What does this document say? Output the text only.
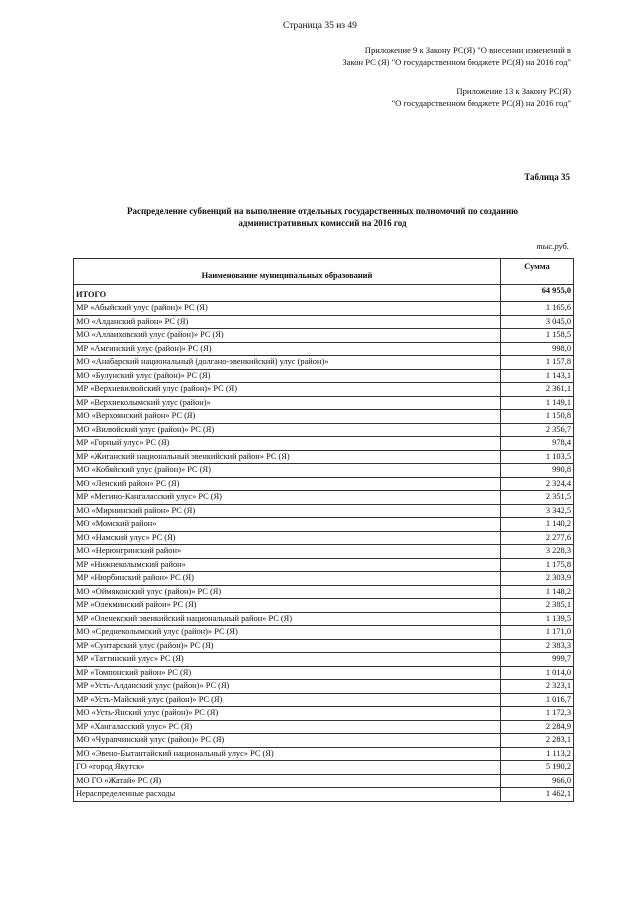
Страница 35 из 49
Приложение 9 к Закону РС(Я) "О внесении изменений в
Закон РС (Я) "О государственном бюджете РС(Я) на 2016 год"
Приложение 13 к Закону РС(Я)
"О государственном бюджете РС(Я) на 2016 год"
Таблица 35
Распределение субвенций на выполнение отдельных государственных полномочий по созданию
административных комиссий на 2016 год
тыс.руб.
Наименование муниципальных образований	Сумма
ИТОГО	64 955,0
МР «Абыйский улус (район)» РС (Я)	1 165,6
МО «Алданский район» РС (Я)	3 045,0
МО «Аллаиховский улус (район)» РС (Я)	1 158,5
МР «Амгинский улус (район)» РС (Я)	998,0
МО «Анабарский национальный (долгано-эвенкийский) улус (район)»	1 157,8
МО «Булунский улус (район)» РС (Я)	1 143,1
МР «Верхневилюйский улус (район)» РС (Я)	2 361,1
МР «Верхнеколымский улус (район)»	1 149,1
МО «Верхоянский район» РС (Я)	1 150,8
МО «Вилюйский улус (район)» РС (Я)	2 356,7
МР «Горный улус» РС (Я)	978,4
МР «Жиганский национальный эвенкийский район» РС (Я)	1 103,5
МО «Кобяйский улус (район)» РС (Я)	990,8
МО «Ленский район» РС (Я)	2 324,4
МР «Мегино-Кангаласский улус» РС (Я)	2 351,5
МО «Мирнинский район» РС (Я)	3 342,5
МО «Момский район»	1 140,2
МО «Намский улус» РС (Я)	2 277,6
МО «Нерюнгринский район»	3 228,3
МР «Нижнеколымский район»	1 175,8
МР «Нюрбинский район» РС (Я)	2 303,9
МО «Оймяконский улус (район)» РС (Я)	1 148,2
МР «Олекминский район» РС (Я)	2 385,1
МР «Оленекский эвенкийский национальный район» РС (Я)	1 139,5
МО «Среднеколымский улус (район)» РС (Я)	1 171,0
МР «Сунтарский улус (район)» РС (Я)	2 383,3
МР «Таттинский улус» РС (Я)	999,7
МР «Томпонский район» РС (Я)	1 014,0
МР «Усть-Алданский улус (район)» РС (Я)	2 323,1
МР «Усть-Майский улус (район)» РС (Я)	1 016,7
МО «Усть-Янский улус (район)» РС (Я)	1 172,3
МР «Хангаласский улус» РС (Я)	2 284,9
МО «Чурапчинский улус (район)» РС (Я)	2 283,1
МО «Эвено-Бытантайский национальный улус» РС (Я)	1 113,2
ГО «город Якутск»	5 190,2
МО ГО «Жатай» РС (Я)	966,0
Нераспределенные расходы	1 462,1
